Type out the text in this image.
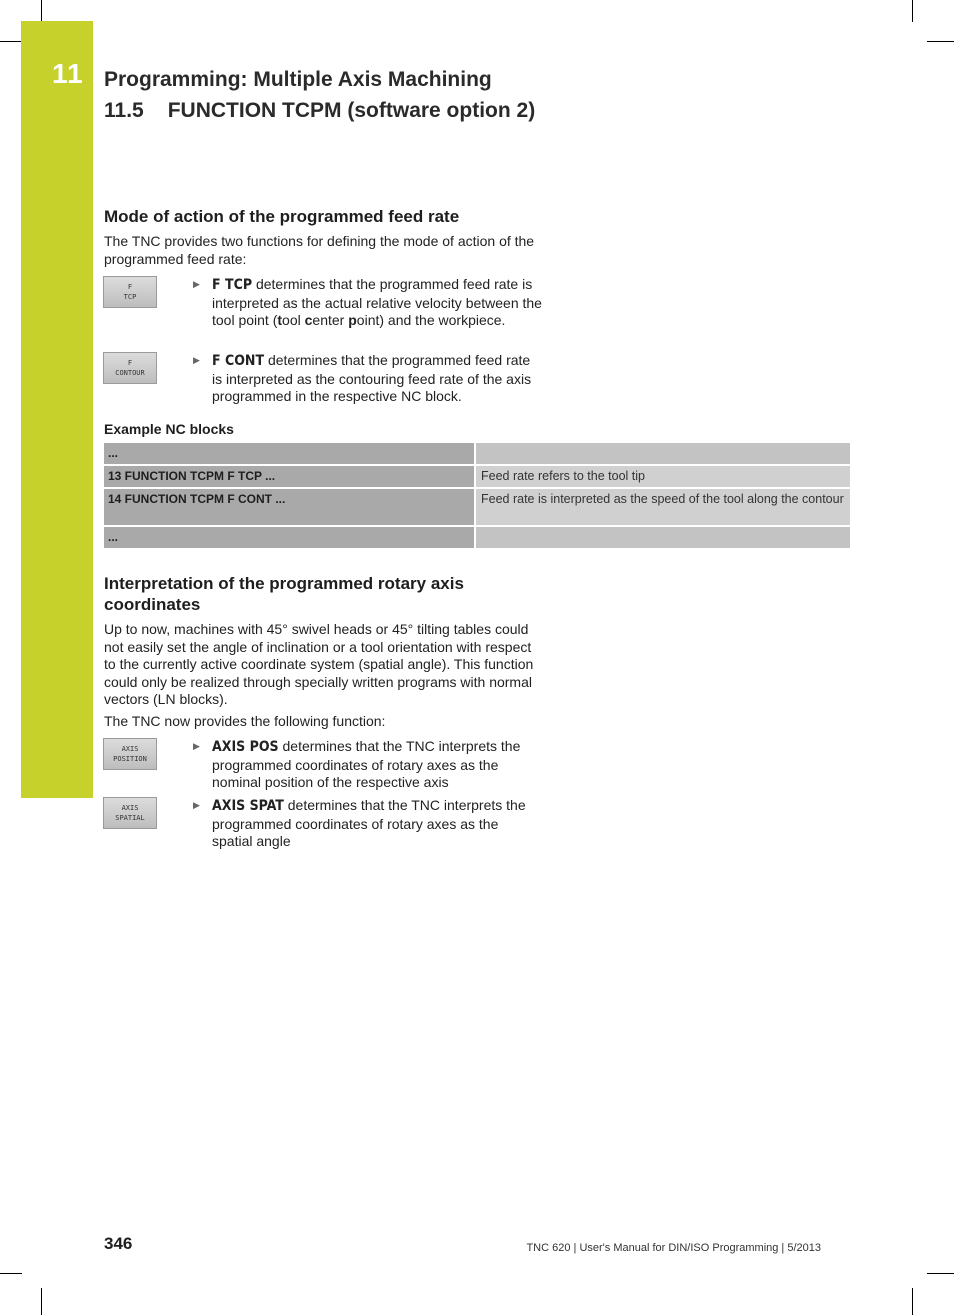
11 Programming: Multiple Axis Machining
11.5 FUNCTION TCPM (software option 2)
Mode of action of the programmed feed rate

The TNC provides two functions for defining the mode of action of the programmed feed rate:

F
TCP
▶ F TCP determines that the programmed feed rate is interpreted as the actual relative velocity between the tool point (tool center point) and the workpiece.
F
CONTOUR
▶ F CONT determines that the programmed feed rate is interpreted as the contouring feed rate of the axis programmed in the respective NC block.
Example NC blocks
...
13 FUNCTION TCPM F TCP ...	Feed rate refers to the tool tip
14 FUNCTION TCPM F CONT ...	Feed rate is interpreted as the speed of the tool along the contour
...
Interpretation of the programmed rotary axis
coordinates

Up to now, machines with 45° swivel heads or 45° tilting tables could not easily set the angle of inclination or a tool orientation with respect to the currently active coordinate system (spatial angle). This function could only be realized through specially written programs with normal vectors (LN blocks).

The TNC now provides the following function:

AXIS
POSITION
▶ AXIS POS determines that the TNC interprets the programmed coordinates of rotary axes as the nominal position of the respective axis
AXIS
SPATIAL
▶ AXIS SPAT determines that the TNC interprets the programmed coordinates of rotary axes as the spatial angle
346	TNC 620 | User's Manual for DIN/ISO Programming | 5/2013
